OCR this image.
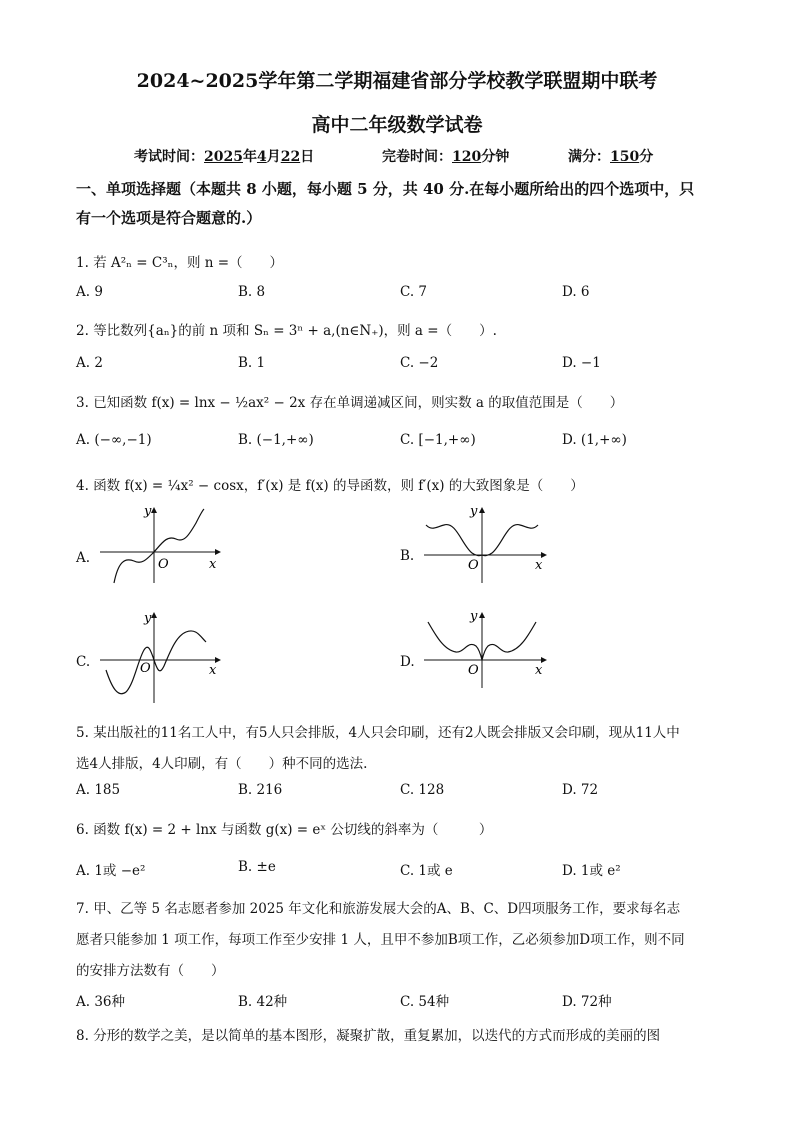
2024~2025学年第二学期福建省部分学校教学联盟期中联考
高中二年级数学试卷
考试时间：2025年4月22日	完卷时间：120分钟	满分：150分
一、单项选择题（本题共 8 小题，每小题 5 分，共 40 分.在每小题所给出的四个选项中，只
有一个选项是符合题意的.）
1. 若 A²ₙ = C³ₙ，则 n =（　　）
A. 9	B. 8	C. 7	D. 6
2. 等比数列{aₙ}的前 n 项和 Sₙ = 3ⁿ + a,(n∈N₊)，则 a =（　　）.
A. 2	B. 1	C. −2	D. −1
3. 已知函数 f(x) = lnx − ½ax² − 2x 存在单调递减区间，则实数 a 的取值范围是（　　）
A. (−∞,−1)	B. (−1,+∞)	C. [−1,+∞)	D. (1,+∞)
4. 函数 f(x) = ¼x² − cosx，f′(x) 是 f(x) 的导函数，则 f′(x) 的大致图象是（　　）
A.	B.
C.	D.
y
O	x
y
O	x
y
O	x
y
O	x
5. 某出版社的11名工人中，有5人只会排版，4人只会印刷，还有2人既会排版又会印刷，现从11人中
选4人排版，4人印刷，有（　　）种不同的选法.
A. 185	B. 216	C. 128	D. 72
6. 函数 f(x) = 2 + lnx 与函数 g(x) = eˣ 公切线的斜率为（　　　）
A. 1或 −e²	B. ±e	C. 1或 e	D. 1或 e²
7. 甲、乙等 5 名志愿者参加 2025 年文化和旅游发展大会的A、B、C、D四项服务工作，要求每名志
愿者只能参加 1 项工作，每项工作至少安排 1 人，且甲不参加B项工作，乙必须参加D项工作，则不同
的安排方法数有（　　）
A. 36种	B. 42种	C. 54种	D. 72种
8. 分形的数学之美，是以简单的基本图形，凝聚扩散，重复累加，以迭代的方式而形成的美丽的图
